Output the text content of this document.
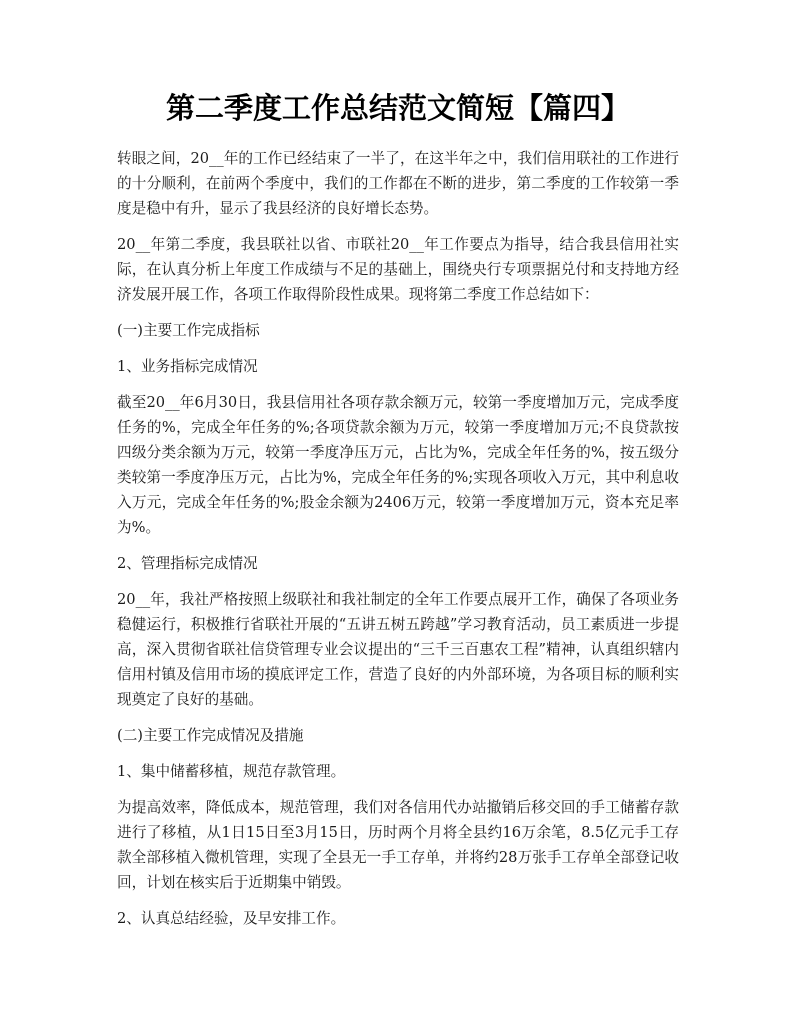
第二季度工作总结范文简短【篇四】

转眼之间，20__年的工作已经结束了一半了，在这半年之中，我们信用联社的工作进行的十分顺利，在前两个季度中，我们的工作都在不断的进步，第二季度的工作较第一季度是稳中有升，显示了我县经济的良好增长态势。

20__年第二季度，我县联社以省、市联社20__年工作要点为指导，结合我县信用社实际，在认真分析上年度工作成绩与不足的基础上，围绕央行专项票据兑付和支持地方经济发展开展工作，各项工作取得阶段性成果。现将第二季度工作总结如下：

(一)主要工作完成指标

1、业务指标完成情况

截至20__年6月30日，我县信用社各项存款余额万元，较第一季度增加万元，完成季度任务的%，完成全年任务的%;各项贷款余额为万元，较第一季度增加万元;不良贷款按四级分类余额为万元，较第一季度净压万元，占比为%，完成全年任务的%，按五级分类较第一季度净压万元，占比为%，完成全年任务的%;实现各项收入万元，其中利息收入万元，完成全年任务的%;股金余额为2406万元，较第一季度增加万元，资本充足率为%。

2、管理指标完成情况

20__年，我社严格按照上级联社和我社制定的全年工作要点展开工作，确保了各项业务稳健运行，积极推行省联社开展的“五讲五树五跨越”学习教育活动，员工素质进一步提高，深入贯彻省联社信贷管理专业会议提出的“三千三百惠农工程”精神，认真组织辖内信用村镇及信用市场的摸底评定工作，营造了良好的内外部环境，为各项目标的顺利实现奠定了良好的基础。

(二)主要工作完成情况及措施

1、集中储蓄移植，规范存款管理。

为提高效率，降低成本，规范管理，我们对各信用代办站撤销后移交回的手工储蓄存款进行了移植，从1日15日至3月15日，历时两个月将全县约16万余笔，8.5亿元手工存款全部移植入微机管理，实现了全县无一手工存单，并将约28万张手工存单全部登记收回，计划在核实后于近期集中销毁。

2、认真总结经验，及早安排工作。
